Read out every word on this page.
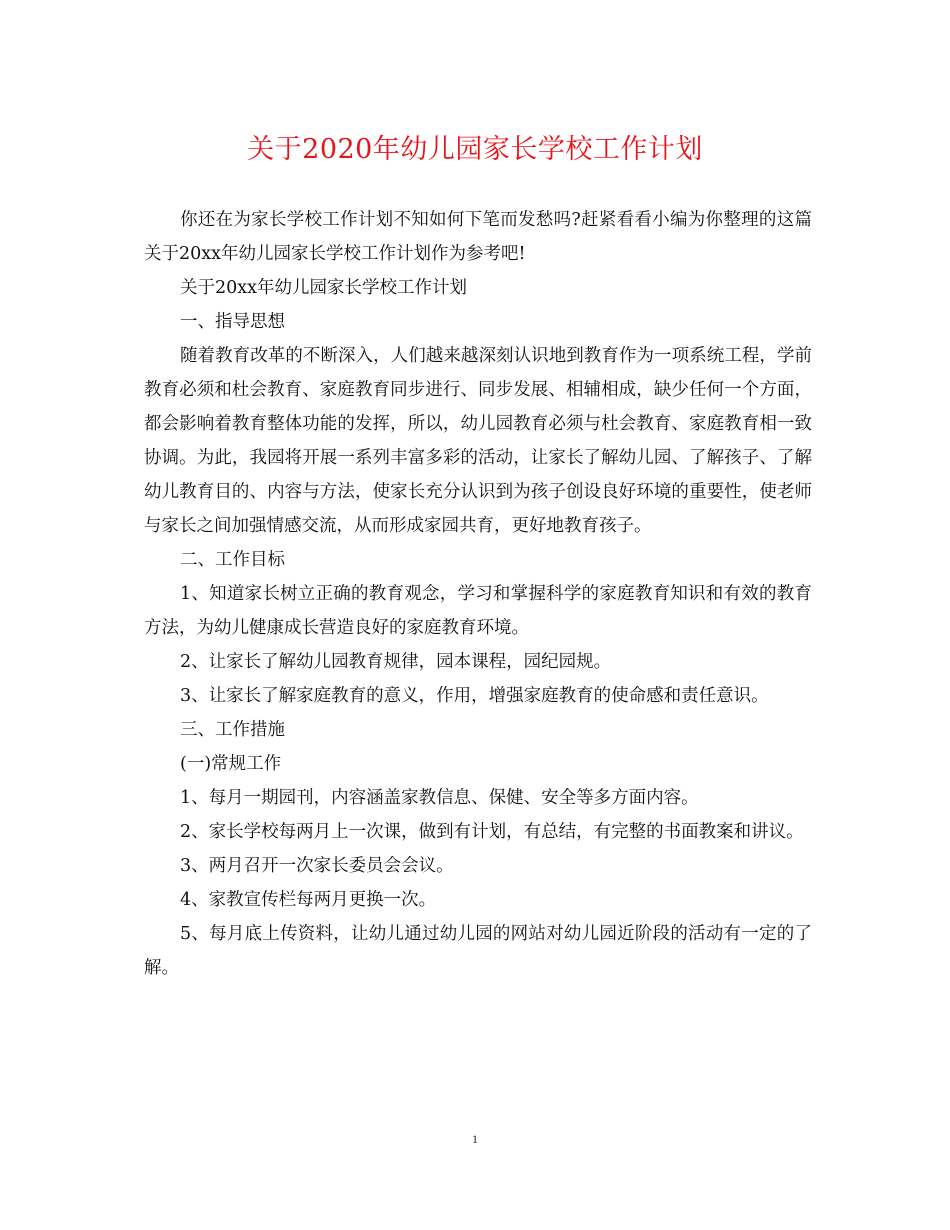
关于2020年幼儿园家长学校工作计划

你还在为家长学校工作计划不知如何下笔而发愁吗?赶紧看看小编为你整理的这篇关于20xx年幼儿园家长学校工作计划作为参考吧!

关于20xx年幼儿园家长学校工作计划

一、指导思想

随着教育改革的不断深入，人们越来越深刻认识地到教育作为一项系统工程，学前教育必须和杜会教育、家庭教育同步进行、同步发展、相辅相成，缺少任何一个方面，都会影响着教育整体功能的发挥，所以，幼儿园教育必须与杜会教育、家庭教育相一致协调。为此，我园将开展一系列丰富多彩的活动，让家长了解幼儿园、了解孩子、了解幼儿教育目的、内容与方法，使家长充分认识到为孩子创设良好环境的重要性，使老师与家长之间加强情感交流，从而形成家园共育，更好地教育孩子。

二、工作目标

1、知道家长树立正确的教育观念，学习和掌握科学的家庭教育知识和有效的教育方法，为幼儿健康成长营造良好的家庭教育环境。

2、让家长了解幼儿园教育规律，园本课程，园纪园规。

3、让家长了解家庭教育的意义，作用，增强家庭教育的使命感和责任意识。

三、工作措施

(一)常规工作

1、每月一期园刊，内容涵盖家教信息、保健、安全等多方面内容。

2、家长学校每两月上一次课，做到有计划，有总结，有完整的书面教案和讲议。

3、两月召开一次家长委员会会议。

4、家教宣传栏每两月更换一次。

5、每月底上传资料，让幼儿通过幼儿园的网站对幼儿园近阶段的活动有一定的了解。

1
